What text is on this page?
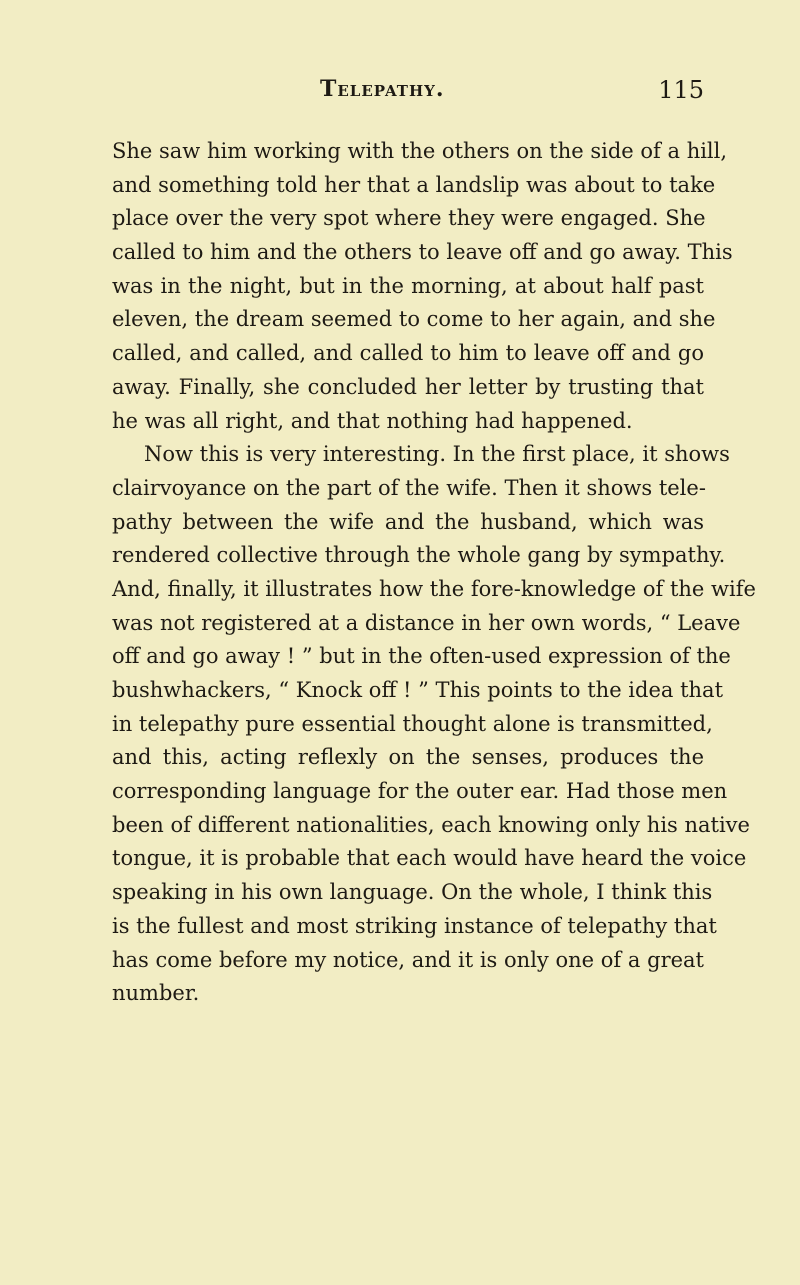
Telepathy.	115
She saw him working with the others on the side of a hill,
and something told her that a landslip was about to take
place over the very spot where they were engaged. She
called to him and the others to leave off and go away. This
was in the night, but in the morning, at about half past
eleven, the dream seemed to come to her again, and she
called, and called, and called to him to leave off and go
away. Finally, she concluded her letter by trusting that
he was all right, and that nothing had happened.
Now this is very interesting. In the first place, it shows
clairvoyance on the part of the wife. Then it shows tele-
pathy between the wife and the husband, which was
rendered collective through the whole gang by sympathy.
And, finally, it illustrates how the fore-knowledge of the wife
was not registered at a distance in her own words, “ Leave
off and go away ! ” but in the often-used expression of the
bushwhackers, “ Knock off ! ” This points to the idea that
in telepathy pure essential thought alone is transmitted,
and this, acting reflexly on the senses, produces the
corresponding language for the outer ear. Had those men
been of different nationalities, each knowing only his native
tongue, it is probable that each would have heard the voice
speaking in his own language. On the whole, I think this
is the fullest and most striking instance of telepathy that
has come before my notice, and it is only one of a great
number.
